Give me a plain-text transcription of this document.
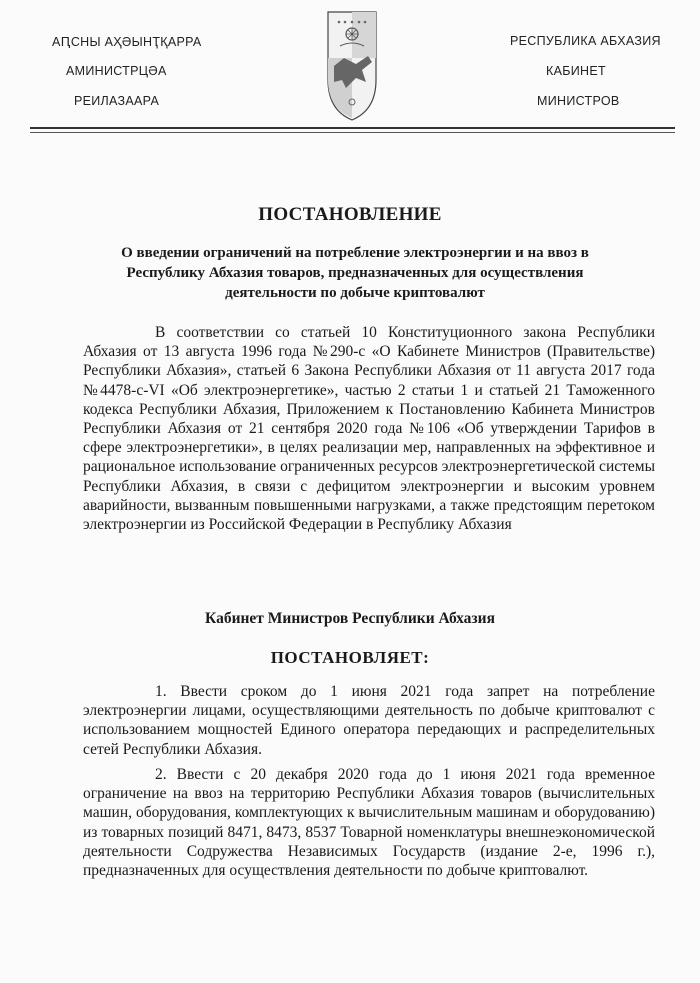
АԤСНЫ АҲӘЫНҬҚАРРА
АМИНИСТРЦӘА
РЕИЛАЗААРА
РЕСПУБЛИКА АБХАЗИЯ
КАБИНЕТ
МИНИСТРОВ
ПОСТАНОВЛЕНИЕ

О введении ограничений на потребление электроэнергии и на ввоз в Республику Абхазия товаров, предназначенных для осуществления деятельности по добыче криптовалют

В соответствии со статьей 10 Конституционного закона Республики Абхазия от 13 августа 1996 года №290-с «О Кабинете Министров (Правительстве) Республики Абхазия», статьей 6 Закона Республики Абхазия от 11 августа 2017 года №4478-с-VI «Об электроэнергетике», частью 2 статьи 1 и статьей 21 Таможенного кодекса Республики Абхазия, Приложением к Постановлению Кабинета Министров Республики Абхазия от 21 сентября 2020 года №106 «Об утверждении Тарифов в сфере электроэнергетики», в целях реализации мер, направленных на эффективное и рациональное использование ограниченных ресурсов электроэнергетической системы Республики Абхазия, в связи с дефицитом электроэнергии и высоким уровнем аварийности, вызванным повышенными нагрузками, а также предстоящим перетоком электроэнергии из Российской Федерации в Республику Абхазия

Кабинет Министров Республики Абхазия
ПОСТАНОВЛЯЕТ:

1. Ввести сроком до 1 июня 2021 года запрет на потребление электроэнергии лицами, осуществляющими деятельность по добыче криптовалют с использованием мощностей Единого оператора передающих и распределительных сетей Республики Абхазия.

2. Ввести с 20 декабря 2020 года до 1 июня 2021 года временное ограничение на ввоз на территорию Республики Абхазия товаров (вычислительных машин, оборудования, комплектующих к вычислительным машинам и оборудованию) из товарных позиций 8471, 8473, 8537 Товарной номенклатуры внешнеэкономической деятельности Содружества Независимых Государств (издание 2-е, 1996 г.), предназначенных для осуществления деятельности по добыче криптовалют.
